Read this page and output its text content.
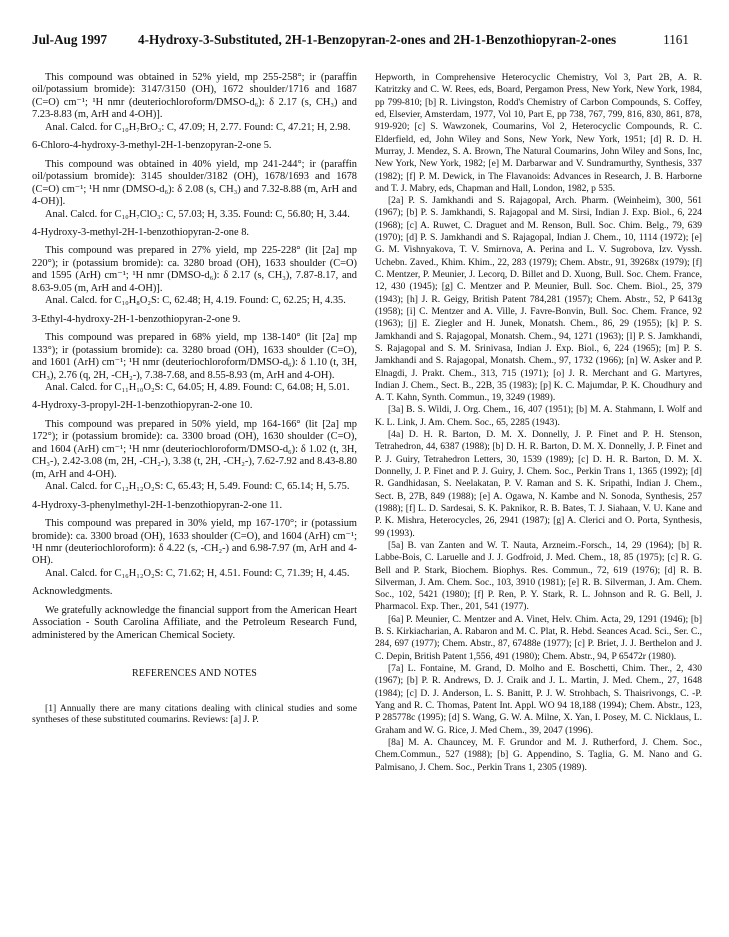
Jul-Aug 1997 4-Hydroxy-3-Substituted, 2H-1-Benzopyran-2-ones and 2H-1-Benzothiopyran-2-ones	1161

This compound was obtained in 52% yield, mp 255-258°; ir (paraffin oil/potassium bromide): 3147/3150 (OH), 1672 shoulder/1716 and 1687 (C=O) cm⁻¹; ¹H nmr (deuteriochloroform/DMSO-d₆): δ 2.17 (s, CH₃) and 7.23-8.83 (m, ArH and 4-OH)].

Anal. Calcd. for C₁₀H₇BrO₃: C, 47.09; H, 2.77. Found: C, 47.21; H, 2.98.

6-Chloro-4-hydroxy-3-methyl-2H-1-benzopyran-2-one 5.

This compound was obtained in 40% yield, mp 241-244°; ir (paraffin oil/potassium bromide): 3145 shoulder/3182 (OH), 1678/1693 and 1678 (C=O) cm⁻¹; ¹H nmr (DMSO-d₆): δ 2.08 (s, CH₃) and 7.32-8.88 (m, ArH and 4-OH)].

Anal. Calcd. for C₁₀H₇ClO₃: C, 57.03; H, 3.35. Found: C, 56.80; H, 3.44.

4-Hydroxy-3-methyl-2H-1-benzothiopyran-2-one 8.

This compound was prepared in 27% yield, mp 225-228° (lit [2a] mp 220°); ir (potassium bromide): ca. 3280 broad (OH), 1633 shoulder (C=O) and 1595 (ArH) cm⁻¹; ¹H nmr (DMSO-d₆): δ 2.17 (s, CH₃), 7.87-8.17, and 8.63-9.05 (m, ArH and 4-OH)].

Anal. Calcd. for C₁₀H₈O₂S: C, 62.48; H, 4.19. Found: C, 62.25; H, 4.35.

3-Ethyl-4-hydroxy-2H-1-benzothiopyran-2-one 9.

This compound was prepared in 68% yield, mp 138-140° (lit [2a] mp 133°); ir (potassium bromide): ca. 3280 broad (OH), 1633 shoulder (C=O), and 1601 (ArH) cm⁻¹; ¹H nmr (deuteriochloroform/DMSO-d₆): δ 1.10 (t, 3H, CH₃), 2.76 (q, 2H, -CH₂-), 7.38-7.68, and 8.55-8.93 (m, ArH and 4-OH).

Anal. Calcd. for C₁₁H₁₀O₂S: C, 64.05; H, 4.89. Found: C, 64.08; H, 5.01.

4-Hydroxy-3-propyl-2H-1-benzothiopyran-2-one 10.

This compound was prepared in 50% yield, mp 164-166° (lit [2a] mp 172°); ir (potassium bromide): ca. 3300 broad (OH), 1630 shoulder (C=O), and 1604 (ArH) cm⁻¹; ¹H nmr (deuteriochloroform/DMSO-d₆): δ 1.02 (t, 3H, CH₃-), 2.42-3.08 (m, 2H, -CH₂-), 3.38 (t, 2H, -CH₂-), 7.62-7.92 and 8.43-8.80 (m, ArH and 4-OH).

Anal. Calcd. for C₁₂H₁₂O₂S: C, 65.43; H, 5.49. Found: C, 65.14; H, 5.75.

4-Hydroxy-3-phenylmethyl-2H-1-benzothiopyran-2-one 11.

This compound was prepared in 30% yield, mp 167-170°; ir (potassium bromide): ca. 3300 broad (OH), 1633 shoulder (C=O), and 1604 (ArH) cm⁻¹; ¹H nmr (deuteriochloroform): δ 4.22 (s, -CH₂-) and 6.98-7.97 (m, ArH and 4-OH).

Anal. Calcd. for C₁₆H₁₂O₂S: C, 71.62; H, 4.51. Found: C, 71.39; H, 4.45.

Acknowledgments.

We gratefully acknowledge the financial support from the American Heart Association - South Carolina Affiliate, and the Petroleum Research Fund, administered by the American Chemical Society.

REFERENCES AND NOTES

[1] Annually there are many citations dealing with clinical studies and some syntheses of these substituted coumarins. Reviews: [a] J. P.

Hepworth, in Comprehensive Heterocyclic Chemistry, Vol 3, Part 2B, A. R. Katritzky and C. W. Rees, eds, Board, Pergamon Press, New York, New York, 1984, pp 799-810; [b] R. Livingston, Rodd's Chemistry of Carbon Compounds, S. Coffey, ed, Elsevier, Amsterdam, 1977, Vol 10, Part E, pp 738, 767, 799, 816, 830, 861, 878, 919-920; [c] S. Wawzonek, Coumarins, Vol 2, Heterocyclic Compounds, R. C. Elderfield, ed, John Wiley and Sons, New York, New York, 1951; [d] R. D. H. Murray, J. Mendez, S. A. Brown, The Natural Coumarins, John Wiley and Sons, Inc, New York, New York, 1982; [e] M. Darbarwar and V. Sundramurthy, Synthesis, 337 (1982); [f] P. M. Dewick, in The Flavanoids: Advances in Research, J. B. Harborne and T. J. Mabry, eds, Chapman and Hall, London, 1982, p 535.

[2a] P. S. Jamkhandi and S. Rajagopal, Arch. Pharm. (Weinheim), 300, 561 (1967); [b] P. S. Jamkhandi, S. Rajagopal and M. Sirsi, Indian J. Exp. Biol., 6, 224 (1968); [c] A. Ruwet, C. Draguet and M. Renson, Bull. Soc. Chim. Belg., 79, 639 (1970); [d] P. S. Jamkhandi and S. Rajagopal, Indian J. Chem., 10, 1114 (1972); [e] G. M. Vishnyakova, T. V. Smirnova, A. Perina and L. V. Sugrobova, Izv. Vyssh. Uchebn. Zaved., Khim. Khim., 22, 283 (1979); Chem. Abstr., 91, 39268x (1979); [f] C. Mentzer, P. Meunier, J. Lecorq, D. Billet and D. Xuong, Bull. Soc. Chem. France, 12, 430 (1945); [g] C. Mentzer and P. Meunier, Bull. Soc. Chem. Biol., 25, 379 (1943); [h] J. R. Geigy, British Patent 784,281 (1957); Chem. Abstr., 52, P 6413g (1958); [i] C. Mentzer and A. Ville, J. Favre-Bonvin, Bull. Soc. Chem. France, 92 (1963); [j] E. Ziegler and H. Junek, Monatsh. Chem., 86, 29 (1955); [k] P. S. Jamkhandi and S. Rajagopal, Monatsh. Chem., 94, 1271 (1963); [l] P. S. Jamkhandi, S. Rajagopal and S. M. Srinivasa, Indian J. Exp. Biol., 6, 224 (1965); [m] P. S. Jamkhandi and S. Rajagopal, Monatsh. Chem., 97, 1732 (1966); [n] W. Asker and P. Elnagdi, J. Prakt. Chem., 313, 715 (1971); [o] J. R. Merchant and G. Martyres, Indian J. Chem., Sect. B., 22B, 35 (1983); [p] K. C. Majumdar, P. K. Choudhury and A. T. Kahn, Synth. Commun., 19, 3249 (1989).

[3a] B. S. Wildi, J. Org. Chem., 16, 407 (1951); [b] M. A. Stahmann, I. Wolf and K. L. Link, J. Am. Chem. Soc., 65, 2285 (1943).

[4a] D. H. R. Barton, D. M. X. Donnelly, J. P. Finet and P. H. Stenson, Tetrahedron, 44, 6387 (1988); [b] D. H. R. Barton, D. M. X. Donnelly, J. P. Finet and P. J. Guiry, Tetrahedron Letters, 30, 1539 (1989); [c] D. H. R. Barton, D. M. X. Donnelly, J. P. Finet and P. J. Guiry, J. Chem. Soc., Perkin Trans 1, 1365 (1992); [d] R. Gandhidasan, S. Neelakatan, P. V. Raman and S. K. Sripathi, Indian J. Chem., Sect. B, 27B, 849 (1988); [e] A. Ogawa, N. Kambe and N. Sonoda, Synthesis, 257 (1988); [f] L. D. Sardesai, S. K. Paknikor, R. B. Bates, T. J. Siahaan, V. U. Kane and P. K. Mishra, Heterocycles, 26, 2941 (1987); [g] A. Clerici and O. Porta, Synthesis, 99 (1993).

[5a] B. van Zanten and W. T. Nauta, Arzneim.-Forsch., 14, 29 (1964); [b] R. Labbe-Bois, C. Laruelle and J. J. Godfroid, J. Med. Chem., 18, 85 (1975); [c] R. G. Bell and P. Stark, Biochem. Biophys. Res. Commun., 72, 619 (1976); [d] R. B. Silverman, J. Am. Chem. Soc., 103, 3910 (1981); [e] R. B. Silverman, J. Am. Chem. Soc., 102, 5421 (1980); [f] P. Ren, P. Y. Stark, R. L. Johnson and R. G. Bell, J. Pharmacol. Exp. Ther., 201, 541 (1977).

[6a] P. Meunier, C. Mentzer and A. Vinet, Helv. Chim. Acta, 29, 1291 (1946); [b] B. S. Kirkiacharian, A. Rabaron and M. C. Plat, R. Hebd. Seances Acad. Sci., Ser. C., 284, 697 (1977); Chem. Abstr., 87, 67488e (1977); [c] P. Briet, J. J. Berthelon and J. C. Depin, British Patent 1,556, 491 (1980); Chem. Abstr., 94, P 65472r (1980).

[7a] L. Fontaine, M. Grand, D. Molho and E. Boschetti, Chim. Ther., 2, 430 (1967); [b] P. R. Andrews, D. J. Craik and J. L. Martin, J. Med. Chem., 27, 1648 (1984); [c] D. J. Anderson, L. S. Banitt, P. J. W. Strohbach, S. Thaisrivongs, C. -P. Yang and R. C. Thomas, Patent Int. Appl. WO 94 18,188 (1994); Chem. Abstr., 123, P 285778c (1995); [d] S. Wang, G. W. A. Milne, X. Yan, I. Posey, M. C. Nicklaus, L. Graham and W. G. Rice, J. Med Chem., 39, 2047 (1996).

[8a] M. A. Chauncey, M. F. Grundor and M. J. Rutherford, J. Chem. Soc., Chem.Commun., 527 (1988); [b] G. Appendino, S. Taglia, G. M. Nano and G. Palmisano, J. Chem. Soc., Perkin Trans 1, 2305 (1989).
